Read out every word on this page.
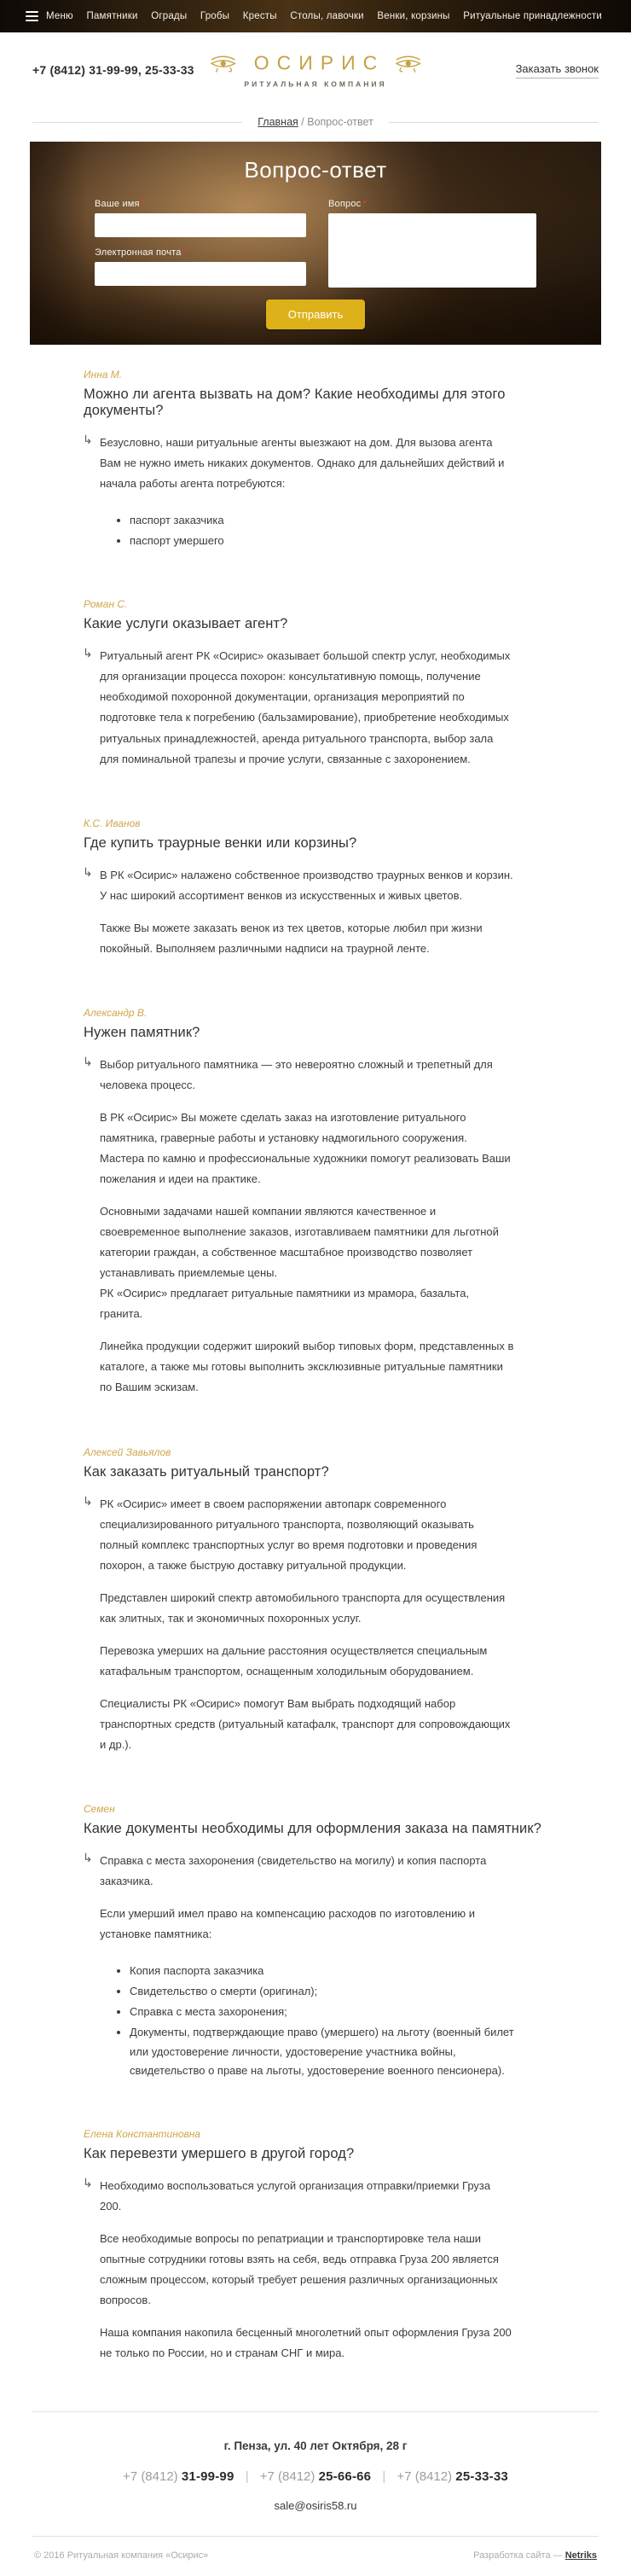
Меню Памятники Ограды Гробы Кресты Столы, лавочки Венки, корзины Ритуальные принадлежности
+7 (8412) 31-99-99, 25-33-33	ОСИРИС
РИТУАЛЬНАЯ КОМПАНИЯ
Заказать звонок
Главная / Вопрос-ответ
Вопрос-ответ
Ваше имя *
Электронная почта *
Вопрос *
Отправить
Инна М.
Можно ли агента вызвать на дом? Какие необходимы для этого документы?
↳ Безусловно, наши ритуальные агенты выезжают на дом. Для вызова агента Вам не нужно иметь никаких документов. Однако для дальнейших действий и начала работы агента потребуются:

• паспорт заказчика
• паспорт умершего
Роман С.
Какие услуги оказывает агент?
↳ Ритуальный агент РК «Осирис» оказывает большой спектр услуг, необходимых для организации процесса похорон: консультативную помощь, получение необходимой похоронной документации, организация мероприятий по подготовке тела к погребению (бальзамирование), приобретение необходимых ритуальных принадлежностей, аренда ритуального транспорта, выбор зала для поминальной трапезы и прочие услуги, связанные с захоронением.

К.С. Иванов
Где купить траурные венки или корзины?
↳ В РК «Осирис» налажено собственное производство траурных венков и корзин. У нас широкий ассортимент венков из искусственных и живых цветов.

Также Вы можете заказать венок из тех цветов, которые любил при жизни покойный. Выполняем различными надписи на траурной ленте.

Александр В.
Нужен памятник?
↳ Выбор ритуального памятника — это невероятно сложный и трепетный для человека процесс.

В РК «Осирис» Вы можете сделать заказ на изготовление ритуального памятника, граверные работы и установку надмогильного сооружения. Мастера по камню и профессиональные художники помогут реализовать Ваши пожелания и идеи на практике.

Основными задачами нашей компании являются качественное и своевременное выполнение заказов, изготавливаем памятники для льготной категории граждан, а собственное масштабное производство позволяет устанавливать приемлемые цены.

РК «Осирис» предлагает ритуальные памятники из мрамора, базальта, гранита.

Линейка продукции содержит широкий выбор типовых форм, представленных в каталоге, а также мы готовы выполнить эксклюзивные ритуальные памятники по Вашим эскизам.

Алексей Завьялов
Как заказать ритуальный транспорт?
↳ РК «Осирис» имеет в своем распоряжении автопарк современного специализированного ритуального транспорта, позволяющий оказывать полный комплекс транспортных услуг во время подготовки и проведения похорон, а также быструю доставку ритуальной продукции.

Представлен широкий спектр автомобильного транспорта для осуществления как элитных, так и экономичных похоронных услуг.

Перевозка умерших на дальние расстояния осуществляется специальным катафальным транспортом, оснащенным холодильным оборудованием.

Специалисты РК «Осирис» помогут Вам выбрать подходящий набор транспортных средств (ритуальный катафалк, транспорт для сопровождающих и др.).

Семен
Какие документы необходимы для оформления заказа на памятник?
↳ Справка с места захоронения (свидетельство на могилу) и копия паспорта заказчика.

Если умерший имел право на компенсацию расходов по изготовлению и установке памятника:

• Копия паспорта заказчика
• Свидетельство о смерти (оригинал);
• Справка с места захоронения;
• Документы, подтверждающие право (умершего) на льготу (военный билет или удостоверение личности, удостоверение участника войны, свидетельство о праве на льготы, удостоверение военного пенсионера).
Елена Константиновна
Как перевезти умершего в другой город?
↳ Необходимо воспользоваться услугой организация отправки/приемки Груза 200.

Все необходимые вопросы по репатриации и транспортировке тела наши опытные сотрудники готовы взять на себя, ведь отправка Груза 200 является сложным процессом, который требует решения различных организационных вопросов.

Наша компания накопила бесценный многолетний опыт оформления Груза 200 не только по России, но и странам СНГ и мира.

г. Пенза, ул. 40 лет Октября, 28 г
+7 (8412) 31-99-99 | +7 (8412) 25-66-66 | +7 (8412) 25-33-33
sale@osiris58.ru
© 2016 Ритуальная компания «Осирис»	Разработка сайта — Netriks
